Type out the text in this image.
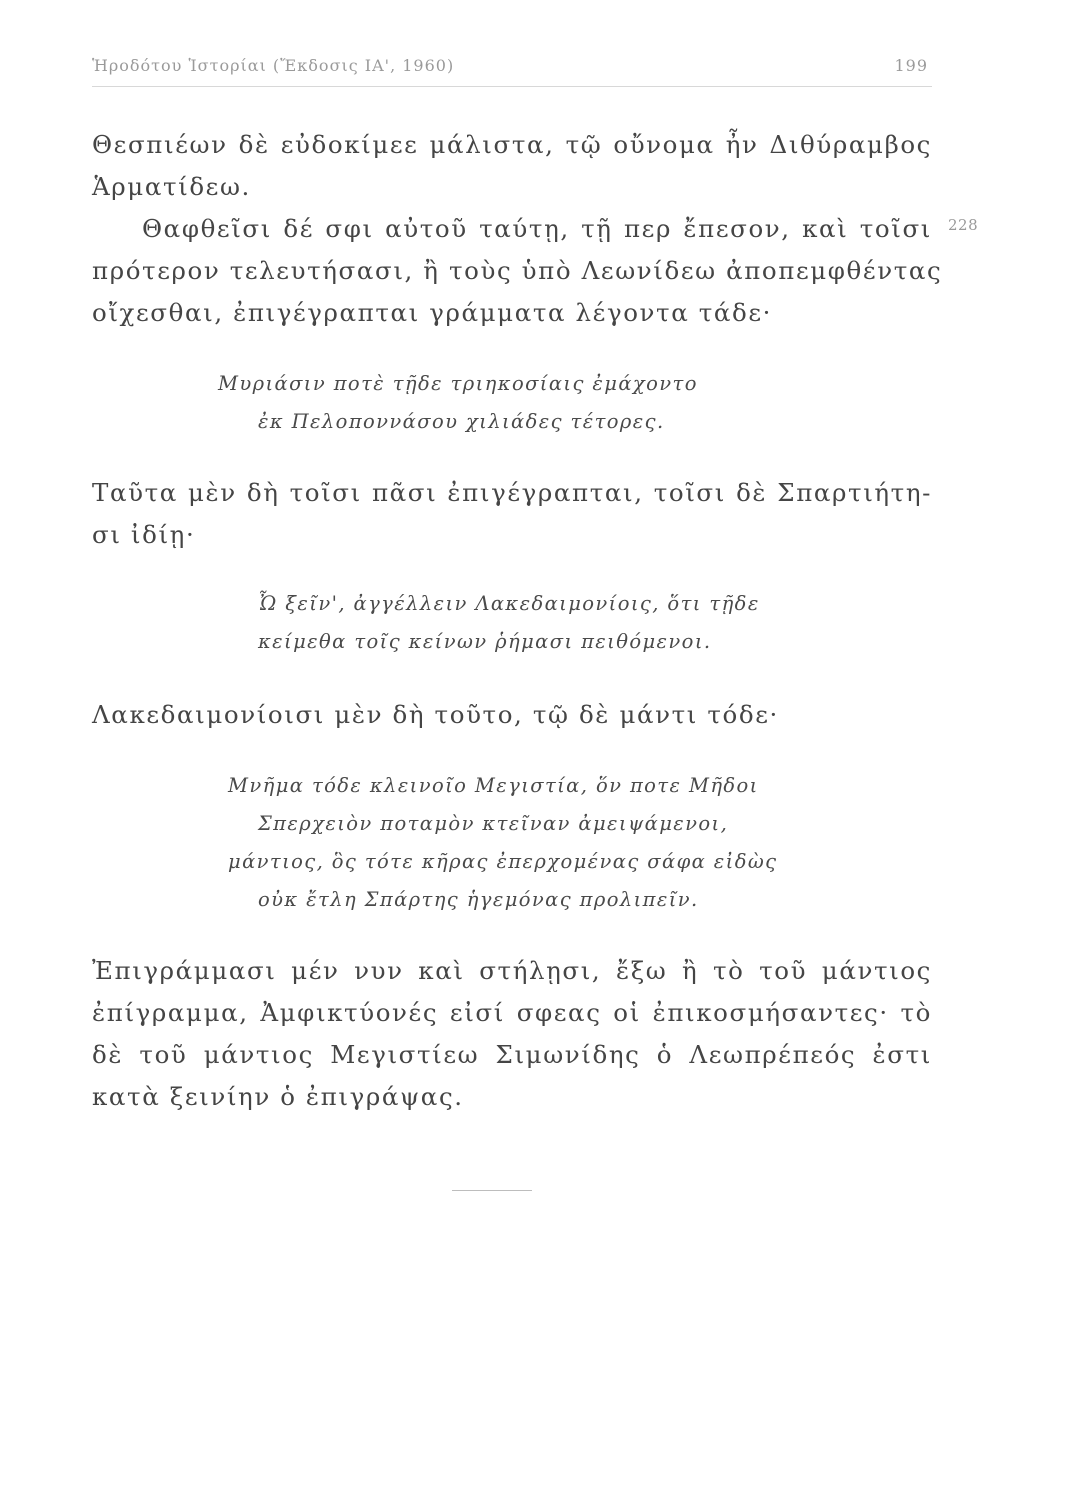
Ἡροδότου Ἱστορίαι (Ἔκδοσις ΙΑ', 1960)	199
Θεσπιέων δὲ εὐδοκίμεε μάλιστα, τῷ οὔνομα ἦν Διθύραμβος
Ἁρματίδεω.
Θαφθεῖσι δέ σφι αὐτοῦ ταύτῃ, τῇ περ ἔπεσον, καὶ τοῖσι 228
πρότερον τελευτήσασι, ἢ τοὺς ὑπὸ Λεωνίδεω ἀποπεμφθέντας
οἴχεσθαι, ἐπιγέγραπται γράμματα λέγοντα τάδε·
Μυριάσιν ποτὲ τῇδε τριηκοσίαις ἐμάχοντο
ἐκ Πελοποννάσου χιλιάδες τέτορες.
Ταῦτα μὲν δὴ τοῖσι πᾶσι ἐπιγέγραπται, τοῖσι δὲ Σπαρτιήτη-
σι ἰδίῃ·
Ὦ ξεῖν', ἀγγέλλειν Λακεδαιμονίοις, ὅτι τῇδε
κείμεθα τοῖς κείνων ῥήμασι πειθόμενοι.
Λακεδαιμονίοισι μὲν δὴ τοῦτο, τῷ δὲ μάντι τόδε·
Μνῆμα τόδε κλεινοῖο Μεγιστία, ὅν ποτε Μῆδοι
Σπερχειὸν ποταμὸν κτεῖναν ἀμειψάμενοι,
μάντιος, ὃς τότε κῆρας ἐπερχομένας σάφα εἰδὼς
οὐκ ἔτλη Σπάρτης ἡγεμόνας προλιπεῖν.
Ἐπιγράμμασι μέν νυν καὶ στήλῃσι, ἔξω ἢ τὸ τοῦ μάντιος
ἐπίγραμμα, Ἀμφικτύονές εἰσί σφεας οἱ ἐπικοσμήσαντες· τὸ
δὲ τοῦ μάντιος Μεγιστίεω Σιμωνίδης ὁ Λεωπρέπεός ἐστι
κατὰ ξεινίην ὁ ἐπιγράψας.
